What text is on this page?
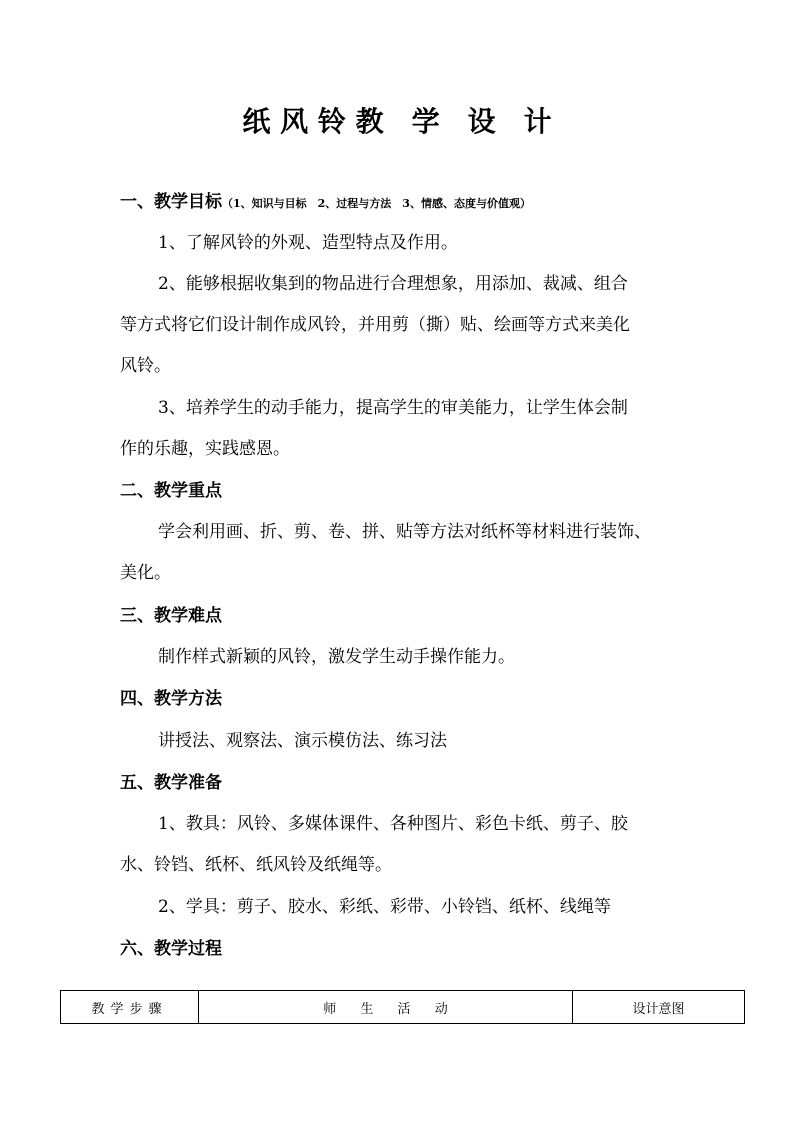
纸 风 铃 教　学　设　计
一、教学目标（1、知识与目标　2、过程与方法　3、情感、态度与价值观）
1、了解风铃的外观、造型特点及作用。
2、能够根据收集到的物品进行合理想象，用添加、裁减、组合
等方式将它们设计制作成风铃，并用剪（撕）贴、绘画等方式来美化
风铃。
3、培养学生的动手能力，提高学生的审美能力，让学生体会制
作的乐趣，实践感恩。
二、教学重点
学会利用画、折、剪、卷、拼、贴等方法对纸杯等材料进行装饰、
美化。
三、教学难点
制作样式新颖的风铃，激发学生动手操作能力。
四、教学方法
讲授法、观察法、演示模仿法、练习法
五、教学准备
1、教具：风铃、多媒体课件、各种图片、彩色卡纸、剪子、胶
水、铃铛、纸杯、纸风铃及纸绳等。
2、学具：剪子、胶水、彩纸、彩带、小铃铛、纸杯、线绳等
六、教学过程
教学步骤	师 生 活 动	设计意图
